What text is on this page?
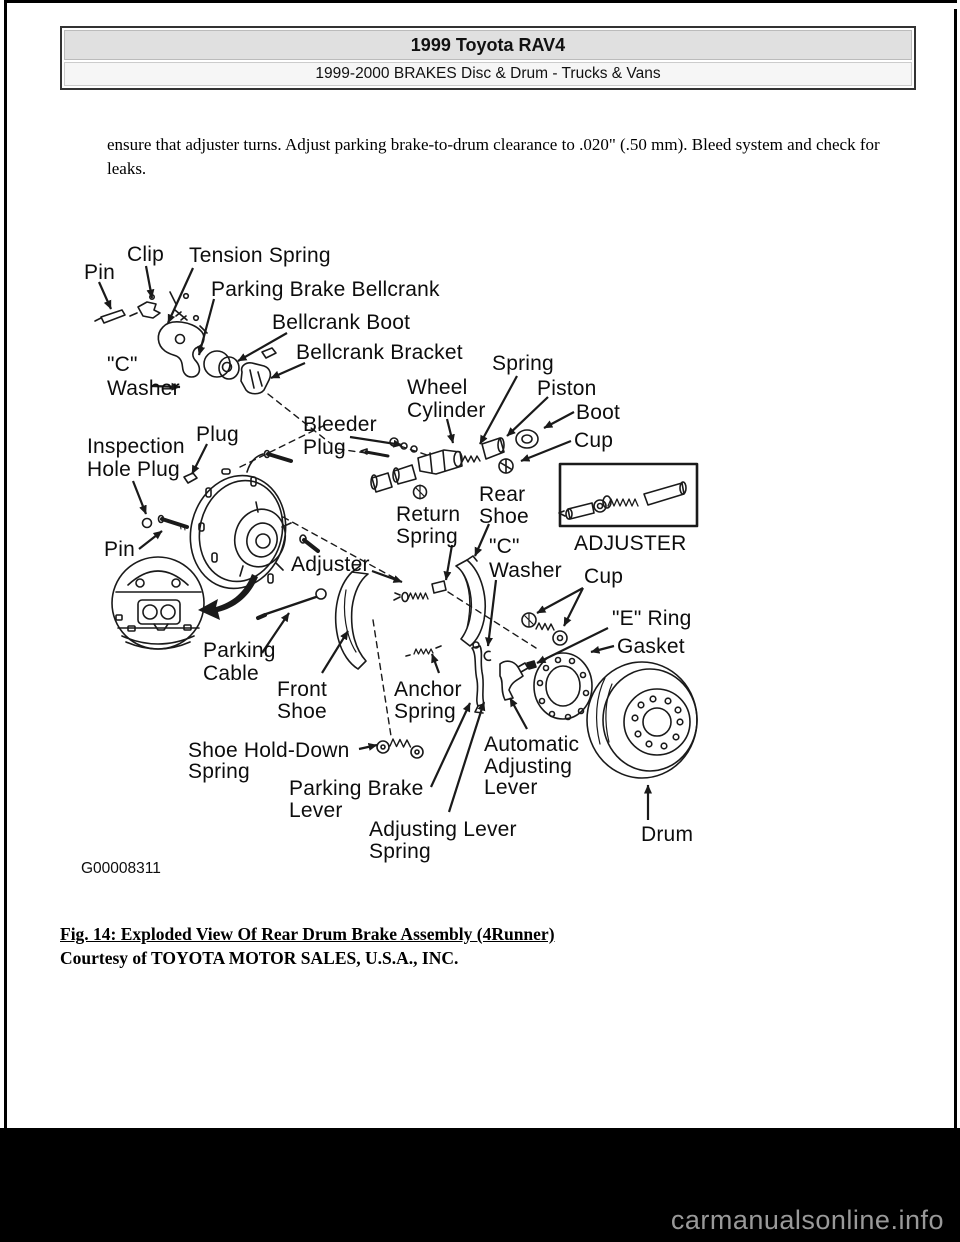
1999 Toyota RAV4
1999-2000 BRAKES Disc & Drum - Trucks & Vans
ensure that adjuster turns. Adjust parking brake-to-drum clearance to .020" (.50 mm). Bleed system and check for leaks.
Pin
Clip Tension Spring
Parking Brake Bellcrank
Bellcrank Boot
Bellcrank Bracket
"C"
Washer
Plug
Inspection
Hole Plug
Bleeder
Plug
Wheel
Cylinder
Spring
Piston
Boot
Cup
Rear
Shoe
Return
Spring	ADJUSTER
"C"
Washer Cup
"E" Ring
Gasket
Adjuster
Pin
Parking
Cable
Front
Shoe
Anchor
Spring
Shoe Hold-Down
Spring
Parking Brake
Lever
Adjusting Lever
Spring
Automatic
Adjusting
Lever
Drum
G00008311
Fig. 14: Exploded View Of Rear Drum Brake Assembly (4Runner)
Courtesy of TOYOTA MOTOR SALES, U.S.A., INC.
carmanualsonline.info
